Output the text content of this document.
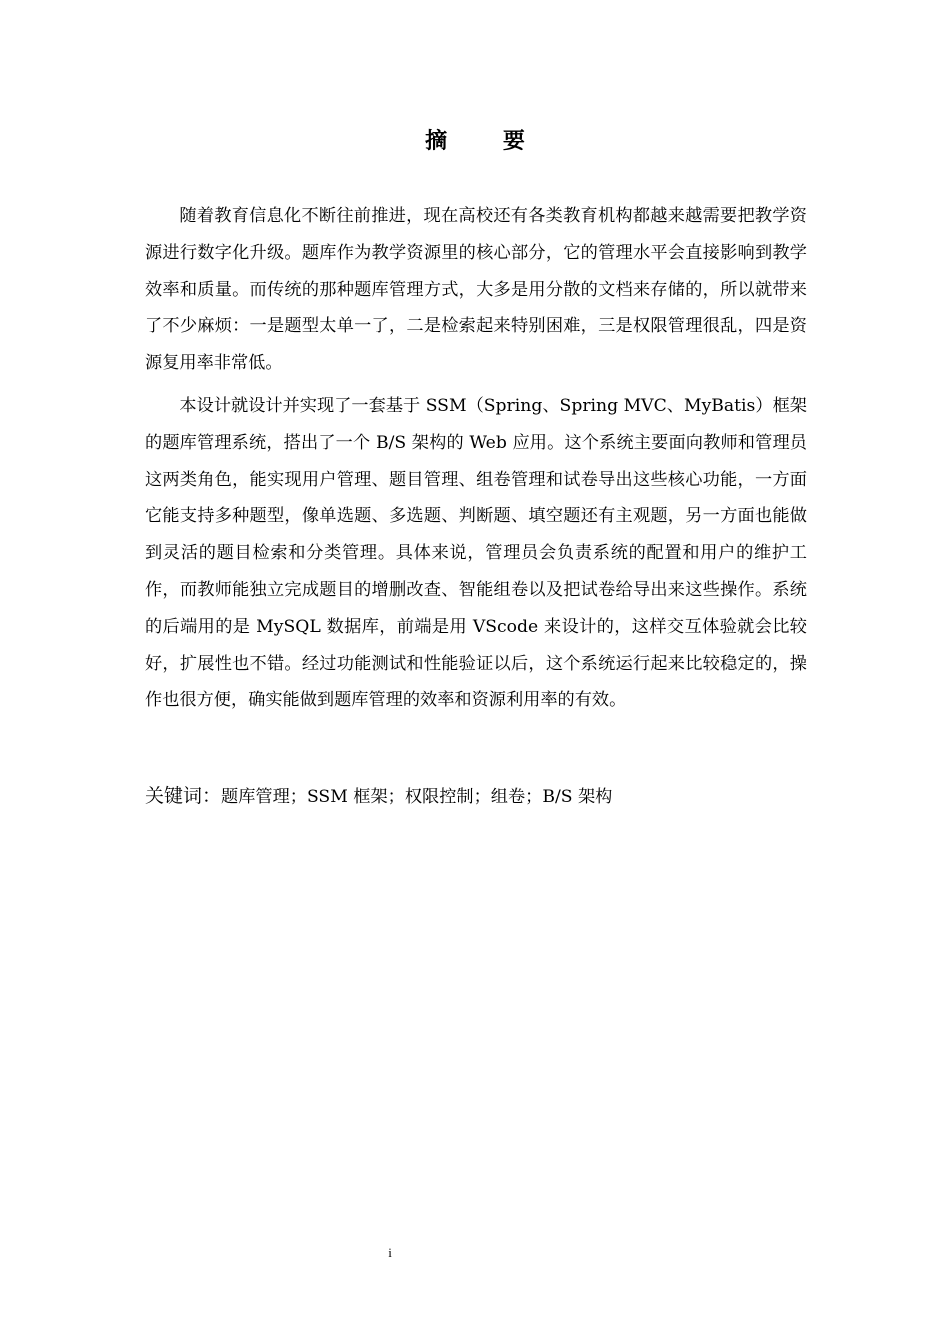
摘 要

随着教育信息化不断往前推进，现在高校还有各类教育机构都越来越需要把教学资源进行数字化升级。题库作为教学资源里的核心部分，它的管理水平会直接影响到教学效率和质量。而传统的那种题库管理方式，大多是用分散的文档来存储的，所以就带来了不少麻烦：一是题型太单一了，二是检索起来特别困难，三是权限管理很乱，四是资源复用率非常低。

本设计就设计并实现了一套基于 SSM（Spring、Spring MVC、MyBatis）框架的题库管理系统，搭出了一个 B/S 架构的 Web 应用。这个系统主要面向教师和管理员这两类角色，能实现用户管理、题目管理、组卷管理和试卷导出这些核心功能，一方面它能支持多种题型，像单选题、多选题、判断题、填空题还有主观题，另一方面也能做到灵活的题目检索和分类管理。具体来说，管理员会负责系统的配置和用户的维护工作，而教师能独立完成题目的增删改查、智能组卷以及把试卷给导出来这些操作。系统的后端用的是 MySQL 数据库，前端是用 VScode 来设计的，这样交互体验就会比较好，扩展性也不错。经过功能测试和性能验证以后，这个系统运行起来比较稳定的，操作也很方便，确实能做到题库管理的效率和资源利用率的有效。

关键词：题库管理；SSM 框架；权限控制；组卷；B/S 架构
i
